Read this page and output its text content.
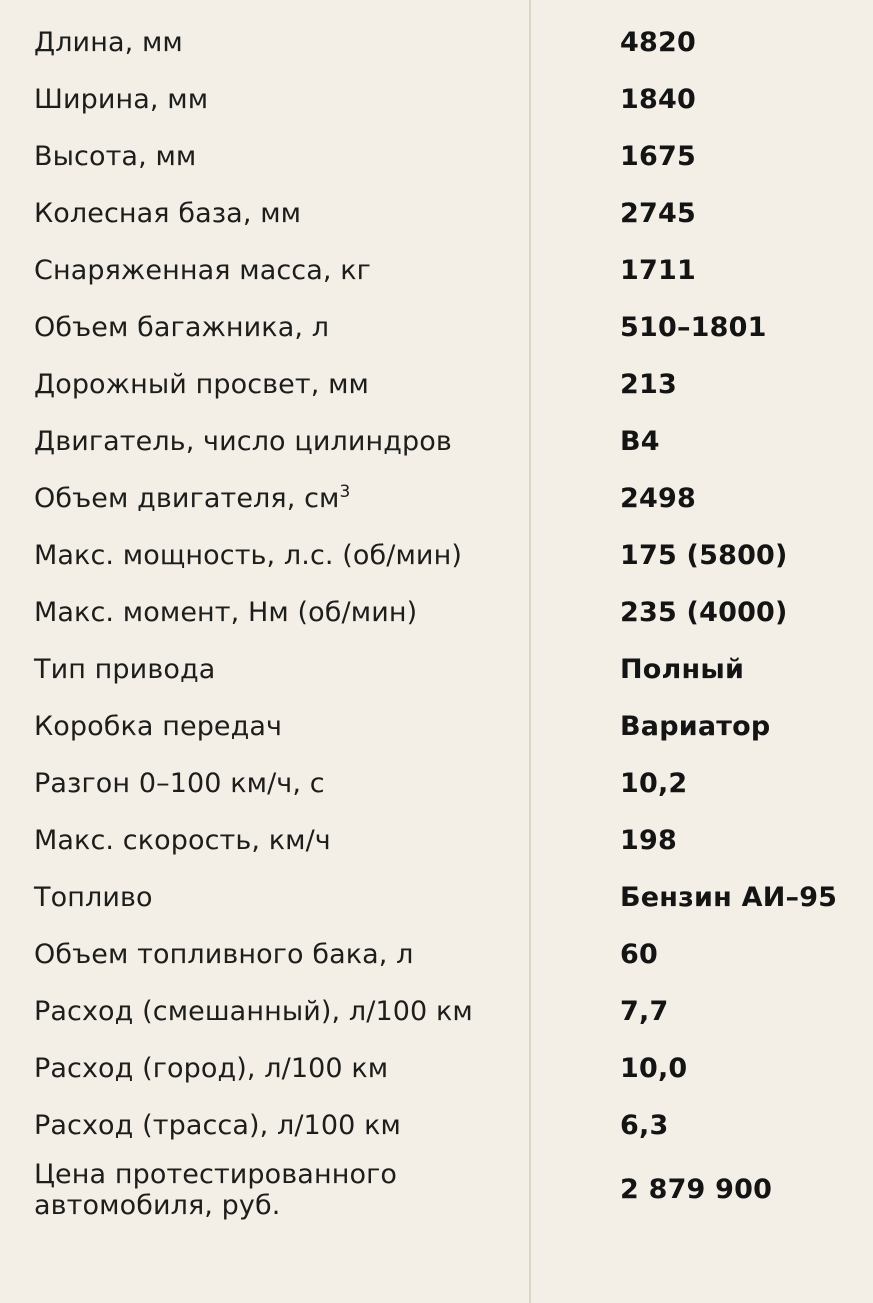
Длина, мм	4820
Ширина, мм	1840
Высота, мм	1675
Колесная база, мм	2745
Снаряженная масса, кг	1711
Объем багажника, л	510–1801
Дорожный просвет, мм	213
Двигатель, число цилиндров	B4
Объем двигателя, $см^3$	2498
Макс. мощность, л.с. (об/мин)	175 (5800)
Макс. момент, Нм (об/мин)	235 (4000)
Тип привода	Полный
Коробка передач	Вариатор
Разгон 0–100 км/ч, с	10,2
Макс. скорость, км/ч	198
Топливо	Бензин АИ–95
Объем топливного бака, л	60
Расход (смешанный), л/100 км	7,7
Расход (город), л/100 км	10,0
Расход (трасса), л/100 км	6,3

Цена протестированного
автомобиля, руб.	2 879 900
